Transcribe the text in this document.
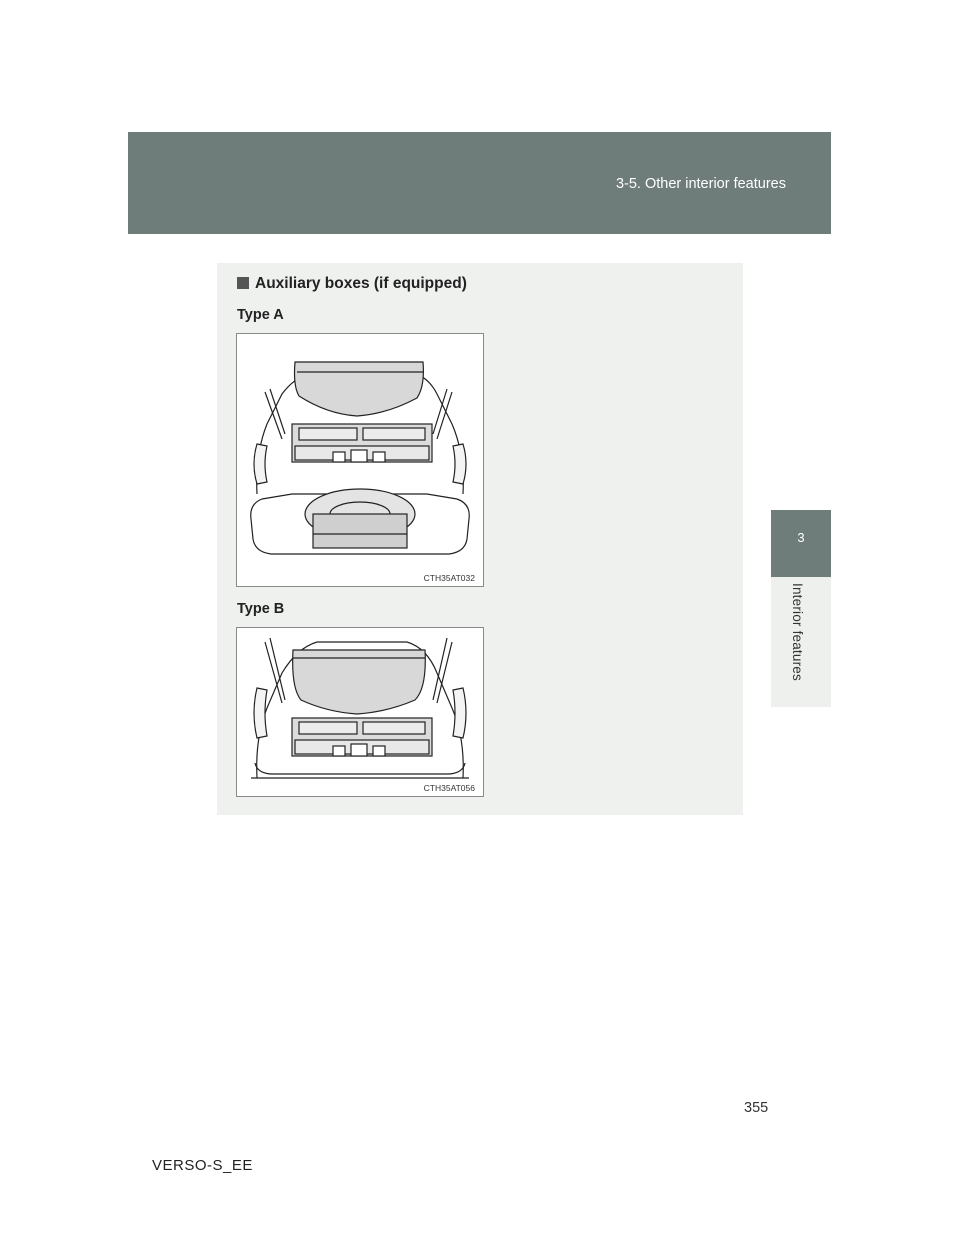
3-5. Other interior features
3
Interior features
Auxiliary boxes (if equipped)
Type A
CTH35AT032
Type B
CTH35AT056
355
VERSO-S_EE
